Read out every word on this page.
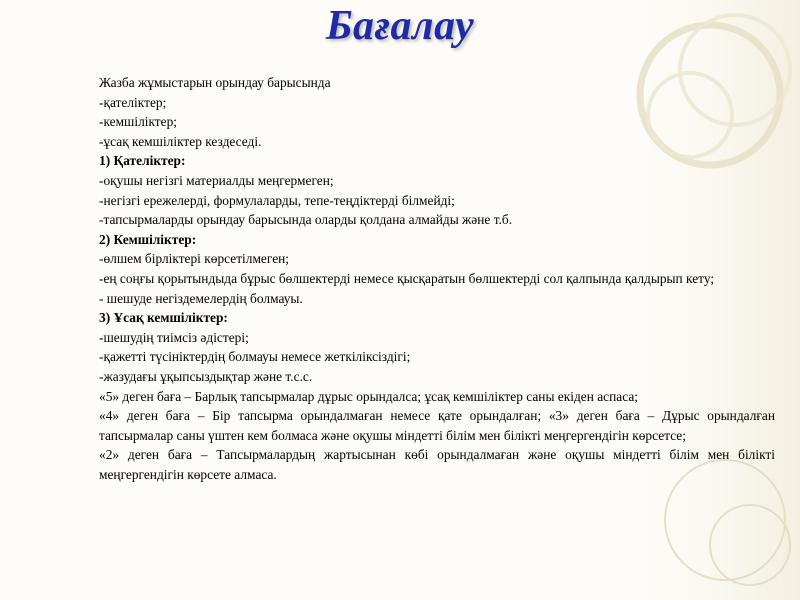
Бағалау
Жазба жұмыстарын орындау барысында
-қателіктер;
-кемшіліктер;
-ұсақ кемшіліктер кездеседі.
1) Қателіктер:
-оқушы негізгі материалды меңгермеген;
-негізгі ережелерді, формулаларды, тепе-теңдіктерді білмейді;
-тапсырмаларды орындау барысында оларды қолдана алмайды және т.б.
2) Кемшіліктер:
-өлшем бірліктері көрсетілмеген;
-ең соңғы қорытындыда бұрыс бөлшектерді немесе қысқаратын бөлшектерді сол қалпында қалдырып кету;
- шешуде негіздемелердің болмауы.
3) Ұсақ кемшіліктер:
-шешудің тиімсіз әдістері;
-қажетті түсініктердің болмауы немесе жеткіліксіздігі;
-жазудағы ұқыпсыздықтар және т.с.с.
«5» деген баға – Барлық тапсырмалар дұрыс орындалса; ұсақ кемшіліктер саны екіден аспаса;
«4» деген баға – Бір тапсырма орындалмаған немесе қате орындалған; «3» деген баға – Дұрыс орындалған тапсырмалар саны үштен кем болмаса және оқушы міндетті білім мен білікті меңгергендігін көрсетсе;
«2» деген баға – Тапсырмалардың жартысынан көбі орындалмаған және оқушы міндетті білім мен білікті меңгергендігін көрсете алмаса.
